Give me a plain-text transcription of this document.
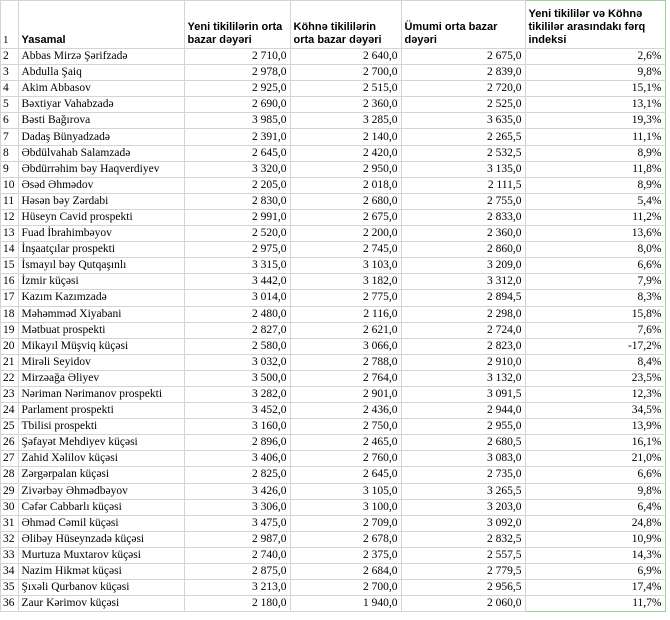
1	Yasamal	Yeni tikililərin orta bazar dəyəri	Köhnə tikililərin orta bazar dəyəri	Ümumi orta bazar dəyəri	Yeni tikililər və Köhnə tikililər arasındakı fərq indeksi
2	Abbas Mirzə Şərifzadə	2 710,0	2 640,0	2 675,0	2,6%
3	Abdulla Şaiq	2 978,0	2 700,0	2 839,0	9,8%
4	Akim Abbasov	2 925,0	2 515,0	2 720,0	15,1%
5	Bəxtiyar Vahabzadə	2 690,0	2 360,0	2 525,0	13,1%
6	Bəsti Bağırova	3 985,0	3 285,0	3 635,0	19,3%
7	Dadaş Bünyadzadə	2 391,0	2 140,0	2 265,5	11,1%
8	Əbdülvahab Salamzadə	2 645,0	2 420,0	2 532,5	8,9%
9	Əbdürrəhim bəy Haqverdiyev	3 320,0	2 950,0	3 135,0	11,8%
10	Əsəd Əhmədov	2 205,0	2 018,0	2 111,5	8,9%
11	Həsən bəy Zərdabi	2 830,0	2 680,0	2 755,0	5,4%
12	Hüseyn Cavid prospekti	2 991,0	2 675,0	2 833,0	11,2%
13	Fuad İbrahimbəyov	2 520,0	2 200,0	2 360,0	13,6%
14	İnşaatçılar prospekti	2 975,0	2 745,0	2 860,0	8,0%
15	İsmayıl bəy Qutqaşınlı	3 315,0	3 103,0	3 209,0	6,6%
16	İzmir küçəsi	3 442,0	3 182,0	3 312,0	7,9%
17	Kazım Kazımzadə	3 014,0	2 775,0	2 894,5	8,3%
18	Məhəmməd Xiyabani	2 480,0	2 116,0	2 298,0	15,8%
19	Mətbuat prospekti	2 827,0	2 621,0	2 724,0	7,6%
20	Mikayıl Müşviq küçəsi	2 580,0	3 066,0	2 823,0	-17,2%
21	Mirəli Seyidov	3 032,0	2 788,0	2 910,0	8,4%
22	Mirzəağa Əliyev	3 500,0	2 764,0	3 132,0	23,5%
23	Nəriman Nərimanov prospekti	3 282,0	2 901,0	3 091,5	12,3%
24	Parlament prospekti	3 452,0	2 436,0	2 944,0	34,5%
25	Tbilisi prospekti	3 160,0	2 750,0	2 955,0	13,9%
26	Şəfayət Mehdiyev küçəsi	2 896,0	2 465,0	2 680,5	16,1%
27	Zahid Xəlilov küçəsi	3 406,0	2 760,0	3 083,0	21,0%
28	Zərgərpalan küçəsi	2 825,0	2 645,0	2 735,0	6,6%
29	Zivərbəy Əhmədbəyov	3 426,0	3 105,0	3 265,5	9,8%
30	Cəfər Cabbarlı küçəsi	3 306,0	3 100,0	3 203,0	6,4%
31	Əhməd Cəmil küçəsi	3 475,0	2 709,0	3 092,0	24,8%
32	Əlibəy Hüseynzadə küçəsi	2 987,0	2 678,0	2 832,5	10,9%
33	Murtuza Muxtarov küçəsi	2 740,0	2 375,0	2 557,5	14,3%
34	Nazim Hikmət küçəsi	2 875,0	2 684,0	2 779,5	6,9%
35	Şıxəli Qurbanov küçəsi	3 213,0	2 700,0	2 956,5	17,4%
36	Zaur Kərimov küçəsi	2 180,0	1 940,0	2 060,0	11,7%
